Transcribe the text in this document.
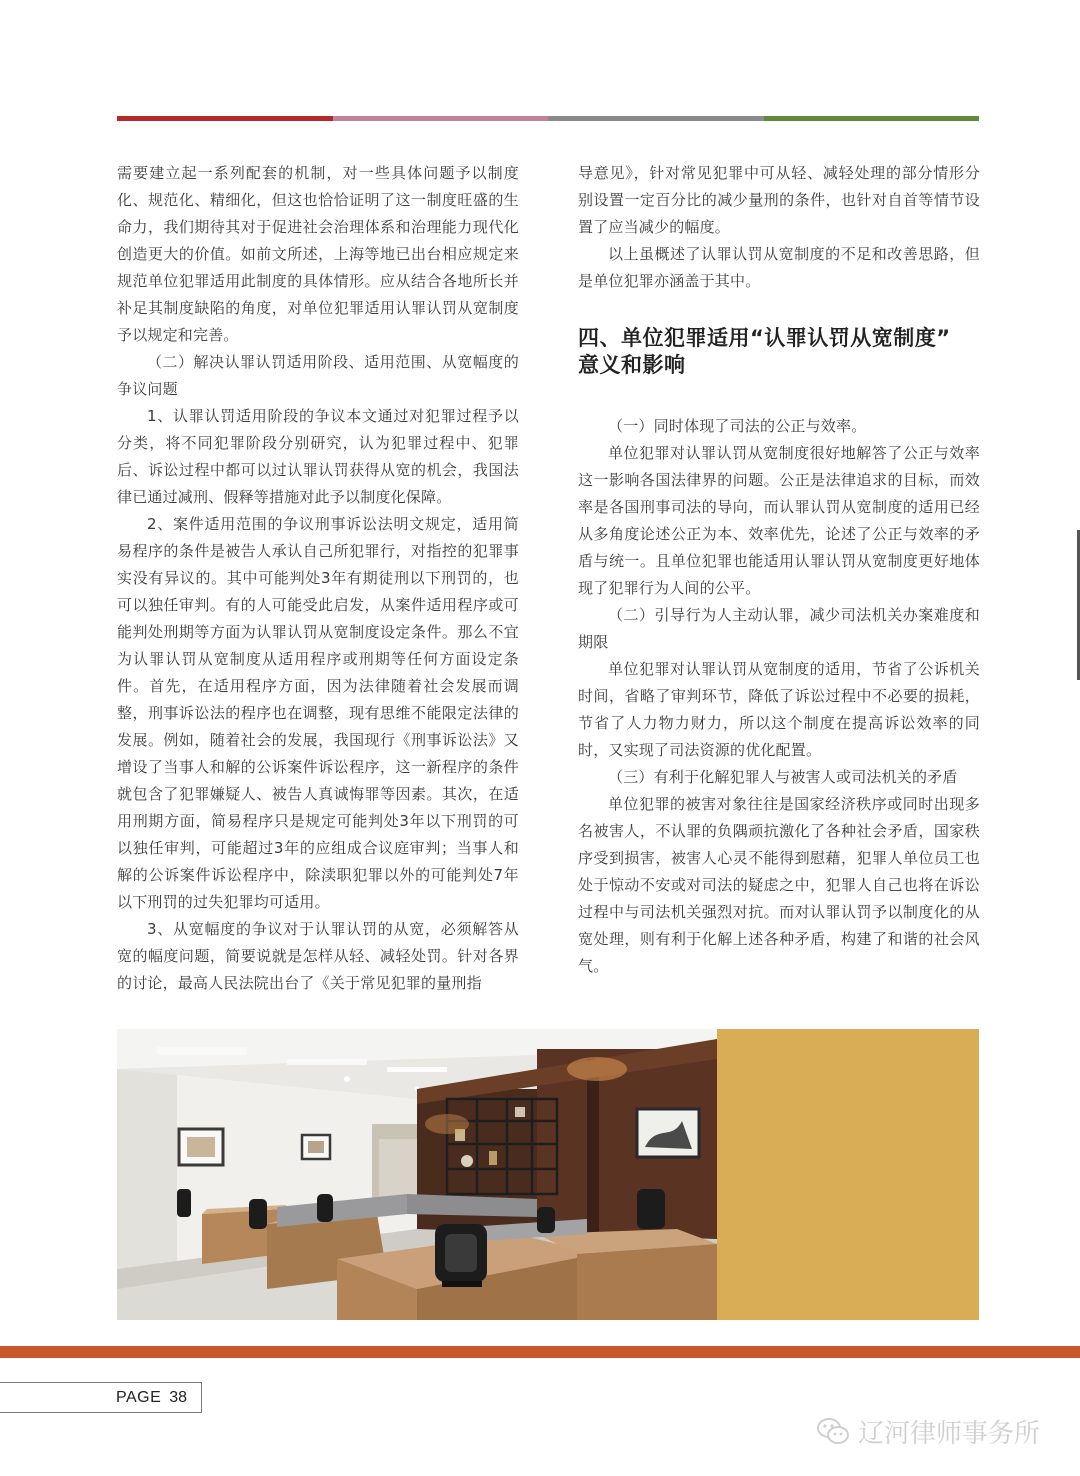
需要建立起一系列配套的机制，对一些具体问题予以制度化、规范化、精细化，但这也恰恰证明了这一制度旺盛的生命力，我们期待其对于促进社会治理体系和治理能力现代化创造更大的价值。如前文所述，上海等地已出台相应规定来规范单位犯罪适用此制度的具体情形。应从结合各地所长并补足其制度缺陷的角度，对单位犯罪适用认罪认罚从宽制度予以规定和完善。

（二）解决认罪认罚适用阶段、适用范围、从宽幅度的争议问题

1、认罪认罚适用阶段的争议本文通过对犯罪过程予以分类，将不同犯罪阶段分别研究，认为犯罪过程中、犯罪后、诉讼过程中都可以过认罪认罚获得从宽的机会，我国法律已通过减刑、假释等措施对此予以制度化保障。

2、案件适用范围的争议刑事诉讼法明文规定，适用简易程序的条件是被告人承认自己所犯罪行，对指控的犯罪事实没有异议的。其中可能判处3年有期徒刑以下刑罚的，也可以独任审判。有的人可能受此启发，从案件适用程序或可能判处刑期等方面为认罪认罚从宽制度设定条件。那么不宜为认罪认罚从宽制度从适用程序或刑期等任何方面设定条件。首先，在适用程序方面，因为法律随着社会发展而调整，刑事诉讼法的程序也在调整，现有思维不能限定法律的发展。例如，随着社会的发展，我国现行《刑事诉讼法》又增设了当事人和解的公诉案件诉讼程序，这一新程序的条件就包含了犯罪嫌疑人、被告人真诚悔罪等因素。其次，在适用刑期方面，简易程序只是规定可能判处3年以下刑罚的可以独任审判，可能超过3年的应组成合议庭审判；当事人和解的公诉案件诉讼程序中，除渎职犯罪以外的可能判处7年以下刑罚的过失犯罪均可适用。

3、从宽幅度的争议对于认罪认罚的从宽，必须解答从宽的幅度问题，简要说就是怎样从轻、减轻处罚。针对各界的讨论，最高人民法院出台了《关于常见犯罪的量刑指

导意见》，针对常见犯罪中可从轻、减轻处理的部分情形分别设置一定百分比的减少量刑的条件，也针对自首等情节设置了应当减少的幅度。

以上虽概述了认罪认罚从宽制度的不足和改善思路，但是单位犯罪亦涵盖于其中。

四、单位犯罪适用“认罪认罚从宽制度”
意义和影响

（一）同时体现了司法的公正与效率。

单位犯罪对认罪认罚从宽制度很好地解答了公正与效率这一影响各国法律界的问题。公正是法律追求的目标，而效率是各国刑事司法的导向，而认罪认罚从宽制度的适用已经从多角度论述公正为本、效率优先，论述了公正与效率的矛盾与统一。且单位犯罪也能适用认罪认罚从宽制度更好地体现了犯罪行为人间的公平。

（二）引导行为人主动认罪，减少司法机关办案难度和期限

单位犯罪对认罪认罚从宽制度的适用，节省了公诉机关时间，省略了审判环节，降低了诉讼过程中不必要的损耗，节省了人力物力财力，所以这个制度在提高诉讼效率的同时，又实现了司法资源的优化配置。

（三）有利于化解犯罪人与被害人或司法机关的矛盾

单位犯罪的被害对象往往是国家经济秩序或同时出现多名被害人，不认罪的负隅顽抗激化了各种社会矛盾，国家秩序受到损害，被害人心灵不能得到慰藉，犯罪人单位员工也处于惊动不安或对司法的疑虑之中，犯罪人自己也将在诉讼过程中与司法机关强烈对抗。而对认罪认罚予以制度化的从宽处理，则有利于化解上述各种矛盾，构建了和谐的社会风气。

PAGE 38
辽河律师事务所
